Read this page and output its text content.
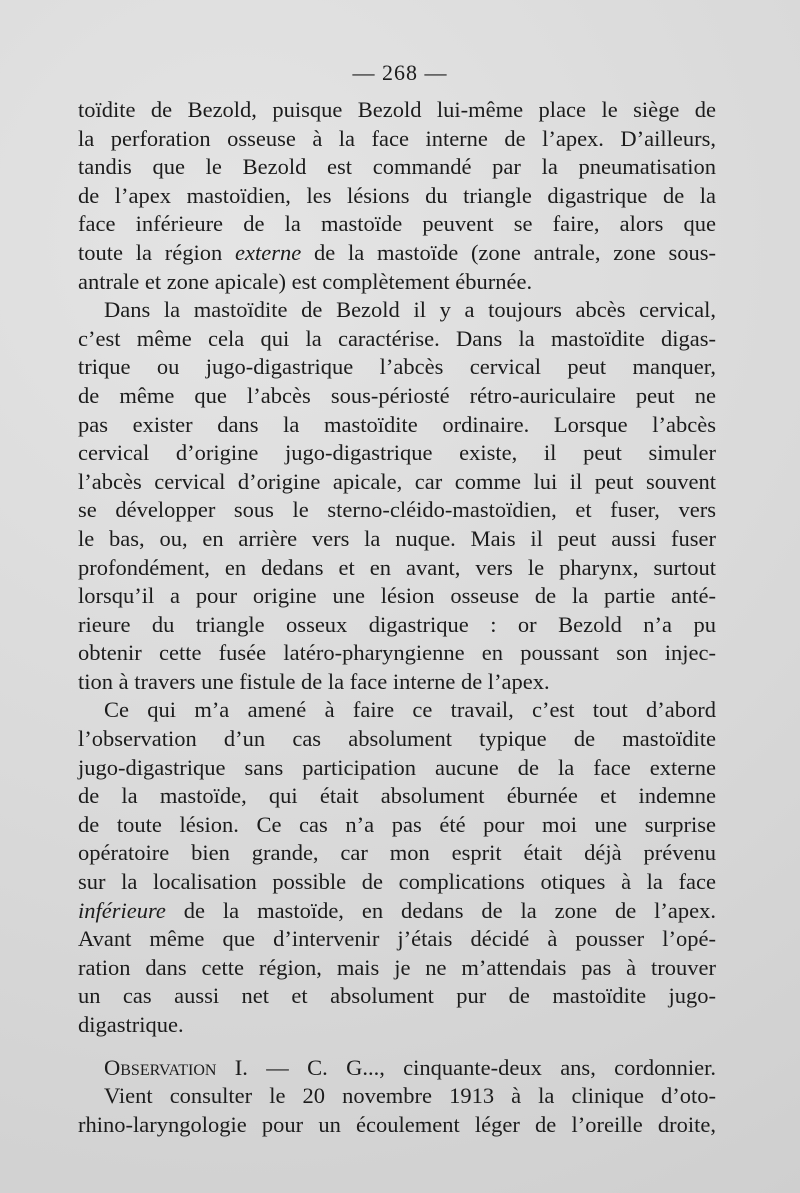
— 268 —
toïdite de Bezold, puisque Bezold lui-même place le siège de
la perforation osseuse à la face interne de l’apex. D’ailleurs,
tandis que le Bezold est commandé par la pneumatisation
de l’apex mastoïdien, les lésions du triangle digastrique de la
face inférieure de la mastoïde peuvent se faire, alors que
toute la région externe de la mastoïde (zone antrale, zone sous-
antrale et zone apicale) est complètement éburnée.
Dans la mastoïdite de Bezold il y a toujours abcès cervical,
c’est même cela qui la caractérise. Dans la mastoïdite digas-
trique ou jugo-digastrique l’abcès cervical peut manquer,
de même que l’abcès sous-périosté rétro-auriculaire peut ne
pas exister dans la mastoïdite ordinaire. Lorsque l’abcès
cervical d’origine jugo-digastrique existe, il peut simuler
l’abcès cervical d’origine apicale, car comme lui il peut souvent
se développer sous le sterno-cléido-mastoïdien, et fuser, vers
le bas, ou, en arrière vers la nuque. Mais il peut aussi fuser
profondément, en dedans et en avant, vers le pharynx, surtout
lorsqu’il a pour origine une lésion osseuse de la partie anté-
rieure du triangle osseux digastrique : or Bezold n’a pu
obtenir cette fusée latéro-pharyngienne en poussant son injec-
tion à travers une fistule de la face interne de l’apex.
Ce qui m’a amené à faire ce travail, c’est tout d’abord
l’observation d’un cas absolument typique de mastoïdite
jugo-digastrique sans participation aucune de la face externe
de la mastoïde, qui était absolument éburnée et indemne
de toute lésion. Ce cas n’a pas été pour moi une surprise
opératoire bien grande, car mon esprit était déjà prévenu
sur la localisation possible de complications otiques à la face
inférieure de la mastoïde, en dedans de la zone de l’apex.
Avant même que d’intervenir j’étais décidé à pousser l’opé-
ration dans cette région, mais je ne m’attendais pas à trouver
un cas aussi net et absolument pur de mastoïdite jugo-
digastrique.
Observation I. — C. G..., cinquante-deux ans, cordonnier.
Vient consulter le 20 novembre 1913 à la clinique d’oto-
rhino-laryngologie pour un écoulement léger de l’oreille droite,
